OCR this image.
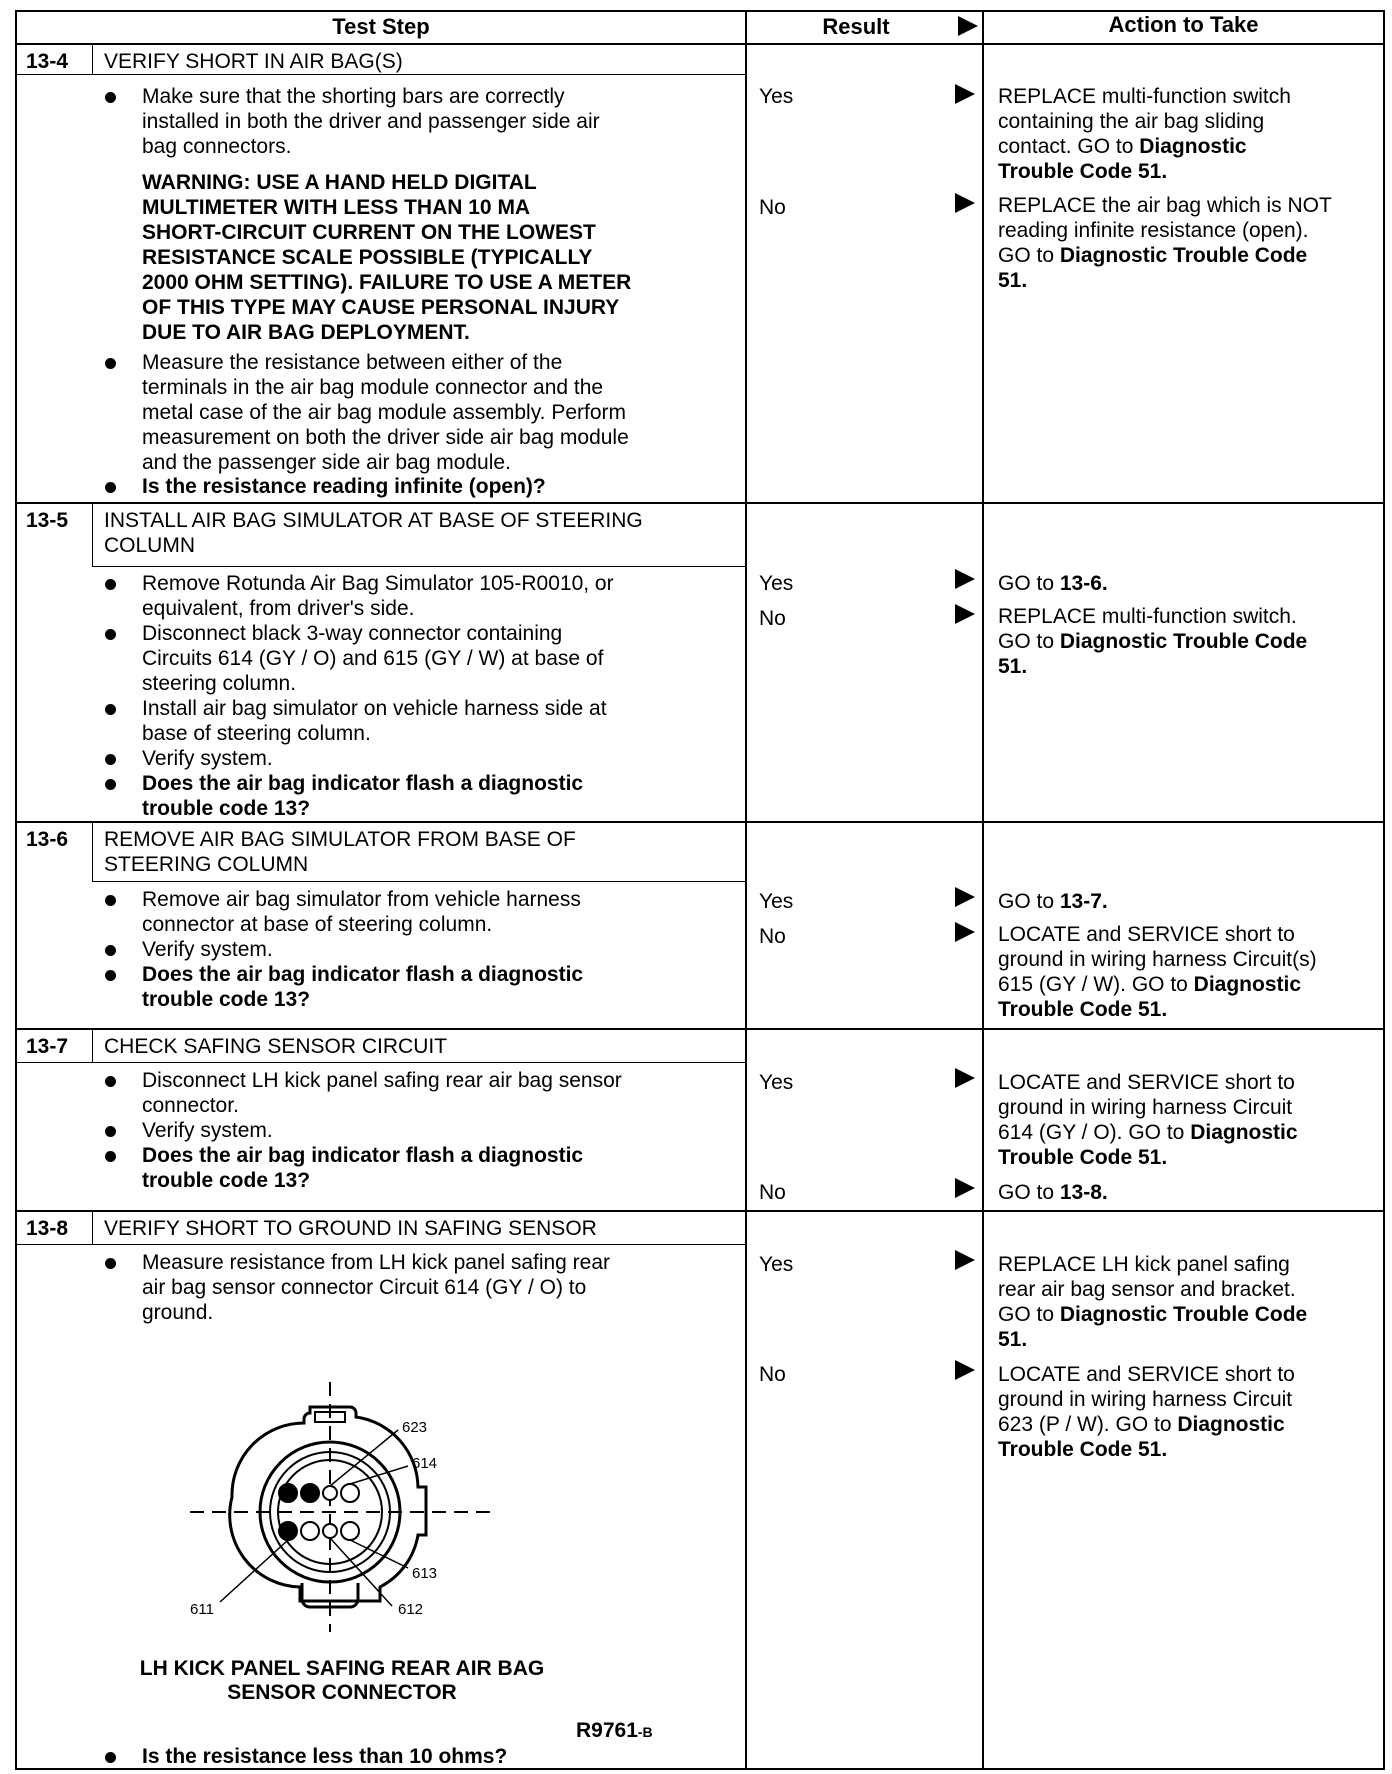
Test Step	Result	Action to Take
13-4 VERIFY SHORT IN AIR BAG(S)
Make sure that the shorting bars are correctly
installed in both the driver and passenger side air
bag connectors.
WARNING: USE A HAND HELD DIGITAL
MULTIMETER WITH LESS THAN 10 MA
SHORT-CIRCUIT CURRENT ON THE LOWEST
RESISTANCE SCALE POSSIBLE (TYPICALLY
2000 OHM SETTING). FAILURE TO USE A METER
OF THIS TYPE MAY CAUSE PERSONAL INJURY
DUE TO AIR BAG DEPLOYMENT.
Measure the resistance between either of the
terminals in the air bag module connector and the
metal case of the air bag module assembly. Perform
measurement on both the driver side air bag module
and the passenger side air bag module.
Is the resistance reading infinite (open)?
Yes	REPLACE multi-function switch
containing the air bag sliding
contact. GO to Diagnostic
Trouble Code 51.
No	REPLACE the air bag which is NOT
reading infinite resistance (open).
GO to Diagnostic Trouble Code
51.
13-5 INSTALL AIR BAG SIMULATOR AT BASE OF STEERING
COLUMN
Remove Rotunda Air Bag Simulator 105-R0010, or
equivalent, from driver's side.
Disconnect black 3-way connector containing
Circuits 614 (GY / O) and 615 (GY / W) at base of
steering column.
Install air bag simulator on vehicle harness side at
base of steering column.
Verify system.
Does the air bag indicator flash a diagnostic
trouble code 13?
Yes	GO to 13-6.
No	REPLACE multi-function switch.
GO to Diagnostic Trouble Code
51.
13-6 REMOVE AIR BAG SIMULATOR FROM BASE OF
STEERING COLUMN
Remove air bag simulator from vehicle harness
connector at base of steering column.
Verify system.
Does the air bag indicator flash a diagnostic
trouble code 13?
Yes	GO to 13-7.
No	LOCATE and SERVICE short to
ground in wiring harness Circuit(s)
615 (GY / W). GO to Diagnostic
Trouble Code 51.
13-7 CHECK SAFING SENSOR CIRCUIT
Disconnect LH kick panel safing rear air bag sensor
connector.
Verify system.
Does the air bag indicator flash a diagnostic
trouble code 13?
Yes	LOCATE and SERVICE short to
ground in wiring harness Circuit
614 (GY / O). GO to Diagnostic
Trouble Code 51.
No	GO to 13-8.
13-8 VERIFY SHORT TO GROUND IN SAFING SENSOR
Measure resistance from LH kick panel safing rear
air bag sensor connector Circuit 614 (GY / O) to
ground.
Yes	REPLACE LH kick panel safing
rear air bag sensor and bracket.
GO to Diagnostic Trouble Code
51.
No	LOCATE and SERVICE short to
ground in wiring harness Circuit
623 (P / W). GO to Diagnostic
Trouble Code 51.
623
614
613
612
611
LH KICK PANEL SAFING REAR AIR BAG
SENSOR CONNECTOR
R9761-B
Is the resistance less than 10 ohms?
